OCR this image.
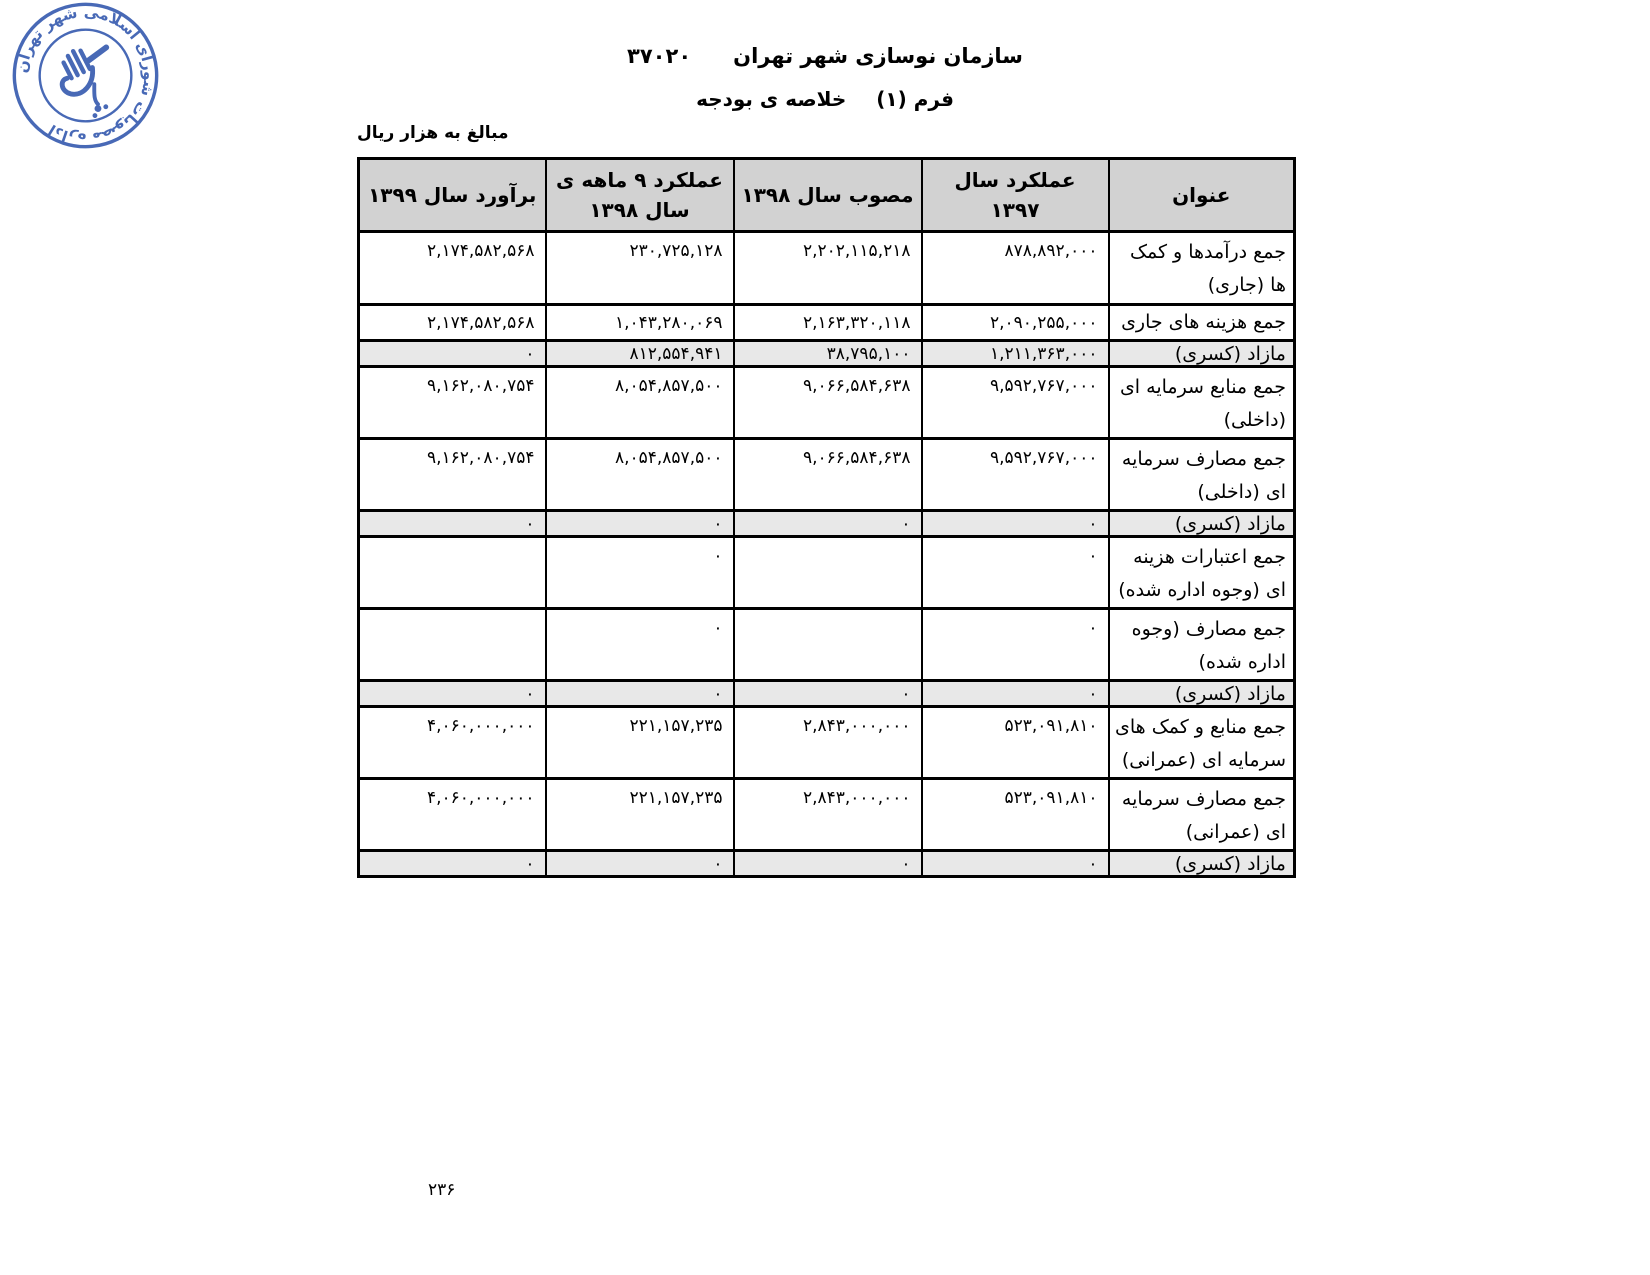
اداره مصوبات شورای اسلامی شهر تهران
۳۷۰۲۰ سازمان نوسازی شهر تهران
خلاصه ی بودجه فرم (۱)
مبالغ به هزار ریال
عنوان	عملکرد سال ۱۳۹۷	مصوب سال ۱۳۹۸	عملکرد ۹ ماهه ی سال ۱۳۹۸	برآورد سال ۱۳۹۹
جمع درآمدها و کمک ها (جاری)	۸۷۸,۸۹۲,۰۰۰	۲,۲۰۲,۱۱۵,۲۱۸	۲۳۰,۷۲۵,۱۲۸	۲,۱۷۴,۵۸۲,۵۶۸
جمع هزینه های جاری	۲,۰۹۰,۲۵۵,۰۰۰	۲,۱۶۳,۳۲۰,۱۱۸	۱,۰۴۳,۲۸۰,۰۶۹	۲,۱۷۴,۵۸۲,۵۶۸
مازاد (کسری)	۱,۲۱۱,۳۶۳,۰۰۰	۳۸,۷۹۵,۱۰۰	۸۱۲,۵۵۴,۹۴۱	۰
جمع منابع سرمایه ای (داخلی)	۹,۵۹۲,۷۶۷,۰۰۰	۹,۰۶۶,۵۸۴,۶۳۸	۸,۰۵۴,۸۵۷,۵۰۰	۹,۱۶۲,۰۸۰,۷۵۴
جمع مصارف سرمایه ای (داخلی)	۹,۵۹۲,۷۶۷,۰۰۰	۹,۰۶۶,۵۸۴,۶۳۸	۸,۰۵۴,۸۵۷,۵۰۰	۹,۱۶۲,۰۸۰,۷۵۴
مازاد (کسری)	۰	۰	۰	۰
جمع اعتبارات هزینه ای (وجوه اداره شده)	۰		۰	
جمع مصارف (وجوه اداره شده)	۰		۰	
مازاد (کسری)	۰	۰	۰	۰
جمع منابع و کمک های سرمایه ای (عمرانی)	۵۲۳,۰۹۱,۸۱۰	۲,۸۴۳,۰۰۰,۰۰۰	۲۲۱,۱۵۷,۲۳۵	۴,۰۶۰,۰۰۰,۰۰۰
جمع مصارف سرمایه ای (عمرانی)	۵۲۳,۰۹۱,۸۱۰	۲,۸۴۳,۰۰۰,۰۰۰	۲۲۱,۱۵۷,۲۳۵	۴,۰۶۰,۰۰۰,۰۰۰
مازاد (کسری)	۰	۰	۰	۰
۲۳۶
